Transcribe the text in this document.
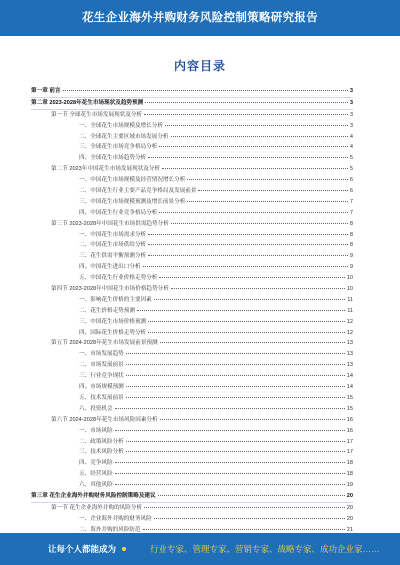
花生企业海外并购财务风险控制策略研究报告
内容目录
第一章 前言	3
第二章 2023-2028年花生市场现状及趋势预测	3
第一节 全球花生市场发展现状及分析	3
一、全球花生市场规模及增长分析	3
二、全球花生主要区域市场发展分析	4
三、全球花生市场竞争格局分析	4
四、全球花生市场趋势分析	5
第二节 2023年中国花生市场发展现状及分析	5
一、中国花生市场规模及经营情况增长分析	6
二、中国花生行业主要产品竞争格局及发展前景	6
三、中国花生市场规模预测及增长前景分析	7
四、中国花生行业竞争格局分析	7
第三节 2023-2028年中国花生市场供需趋势分析	8
一、中国花生市场需求分析	8
二、中国花生市场供给分析	8
三、花生供需平衡预测分析	9
四、中国花生进出口分析	9
五、中国花生行业价格走势分析	10
第四节 2023-2028年中国花生市场价格趋势分析	10
一、影响花生价格的主要因素	11
二、花生价格走势预测	11
三、中国花生市场价格预测	12
四、国际花生价格走势分析	12
第五节 2024-2028年花生市场发展前景预测	13
一、市场发展趋势	13
二、市场发展前景	13
三、行业竞争现状	14
四、市场规模预测	14
五、技术发展前景	15
六、投资机会	15
第六节 2024-2028年花生市场风险因素分析	16
一、市场风险	16
二、政策风险分析	17
三、技术风险分析	17
四、竞争风险	18
五、经营风险	18
六、其他风险	19
第三章 花生企业海外并购财务风险控制策略及建议	20
第一节 花生企业海外并购的风险分析	20
一、企业海外并购的财务风险	20
二、海外并购的风险防范	21
让每个人都能成为	行业专家、管理专家、营销专家、战略专家、成功企业家……
